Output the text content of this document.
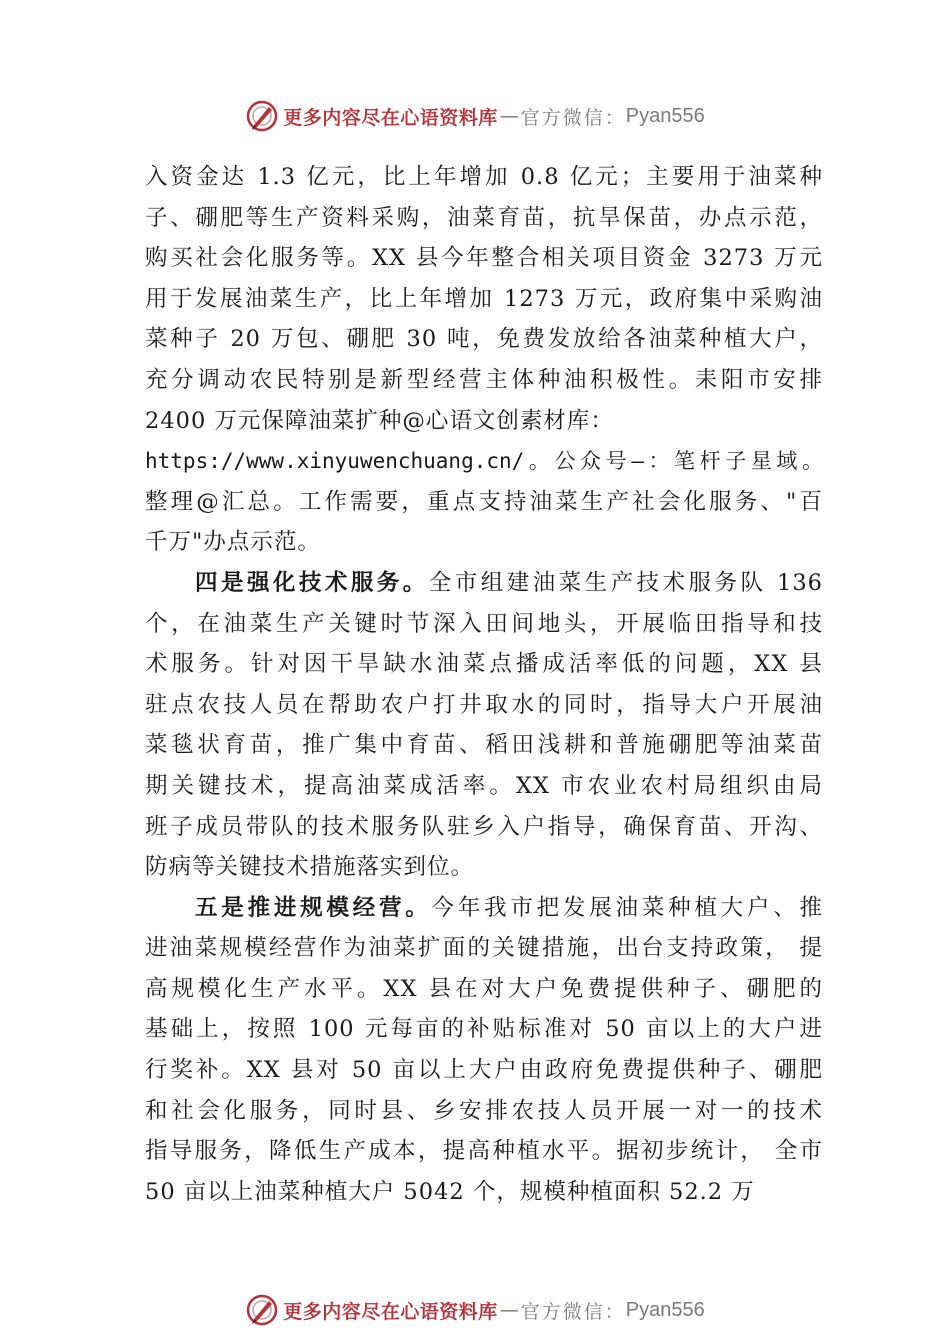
更多内容尽在心语资料库 — 官方微信： Pyan556
入资金达 1.3 亿元，比上年增加 0.8 亿元；主要用于油菜种
子、硼肥等生产资料采购，油菜育苗，抗旱保苗，办点示范，
购买社会化服务等。XX 县今年整合相关项目资金 3273 万元
用于发展油菜生产，比上年增加 1273 万元，政府集中采购油
菜种子 20 万包、硼肥 30 吨，免费发放给各油菜种植大户，
充分调动农民特别是新型经营主体种油积极性。耒阳市安排
2400 万元保障油菜扩种@心语文创素材库：
https://www.xinyuwenchuang.cn/。公众号—：笔杆子星域。
整理@汇总。工作需要，重点支持油菜生产社会化服务、"百
千万"办点示范。
四是强化技术服务。全市组建油菜生产技术服务队 136
个，在油菜生产关键时节深入田间地头，开展临田指导和技
术服务。针对因干旱缺水油菜点播成活率低的问题，XX 县
驻点农技人员在帮助农户打井取水的同时，指导大户开展油
菜毯状育苗，推广集中育苗、稻田浅耕和普施硼肥等油菜苗
期关键技术，提高油菜成活率。XX 市农业农村局组织由局
班子成员带队的技术服务队驻乡入户指导，确保育苗、开沟、
防病等关键技术措施落实到位。
五是推进规模经营。今年我市把发展油菜种植大户、推
进油菜规模经营作为油菜扩面的关键措施，出台支持政策， 提
高规模化生产水平。XX 县在对大户免费提供种子、硼肥的
基础上，按照 100 元每亩的补贴标准对 50 亩以上的大户进
行奖补。XX 县对 50 亩以上大户由政府免费提供种子、硼肥
和社会化服务，同时县、乡安排农技人员开展一对一的技术
指导服务，降低生产成本，提高种植水平。据初步统计， 全市
50 亩以上油菜种植大户 5042 个，规模种植面积 52.2 万
更多内容尽在心语资料库 — 官方微信： Pyan556
